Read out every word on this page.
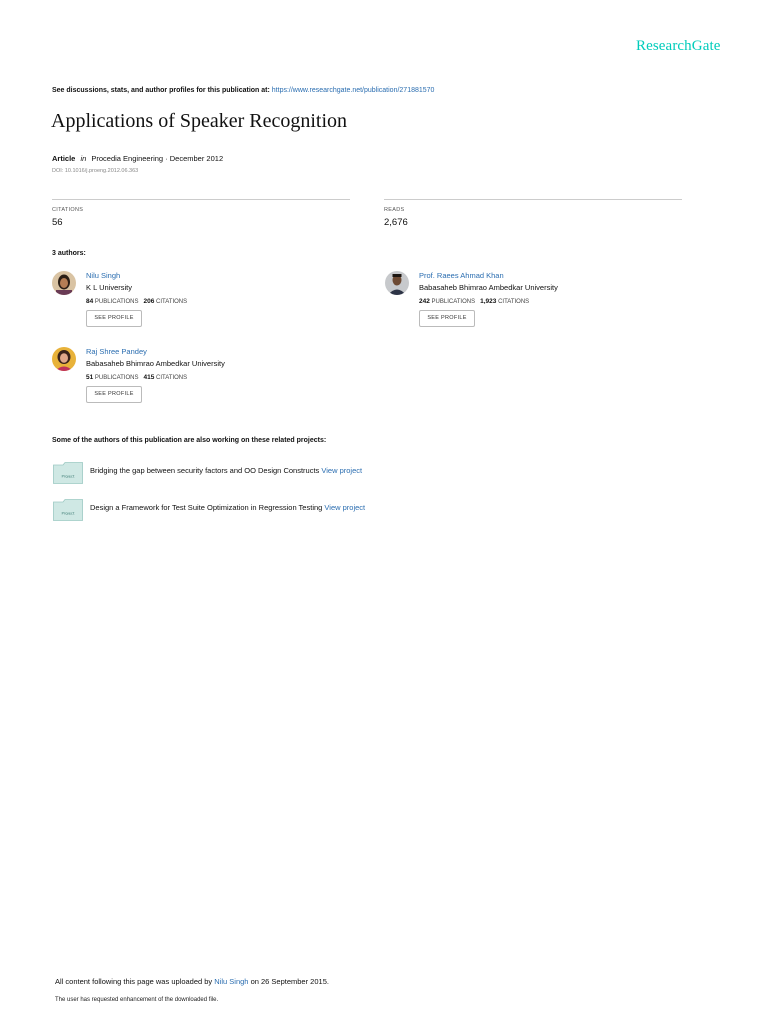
ResearchGate
See discussions, stats, and author profiles for this publication at: https://www.researchgate.net/publication/271881570
Applications of Speaker Recognition
Article in Procedia Engineering · December 2012
DOI: 10.1016/j.proeng.2012.06.363
CITATIONS
56
READS
2,676
3 authors:
Nilu Singh
K L University
84 PUBLICATIONS 206 CITATIONS
SEE PROFILE
Prof. Raees Ahmad Khan
Babasaheb Bhimrao Ambedkar University
242 PUBLICATIONS 1,923 CITATIONS
SEE PROFILE
Raj Shree Pandey
Babasaheb Bhimrao Ambedkar University
51 PUBLICATIONS 415 CITATIONS
SEE PROFILE
Some of the authors of this publication are also working on these related projects:
Project
Bridging the gap between security factors and OO Design Constructs View project
Project
Design a Framework for Test Suite Optimization in Regression Testing View project
All content following this page was uploaded by Nilu Singh on 26 September 2015.
The user has requested enhancement of the downloaded file.
